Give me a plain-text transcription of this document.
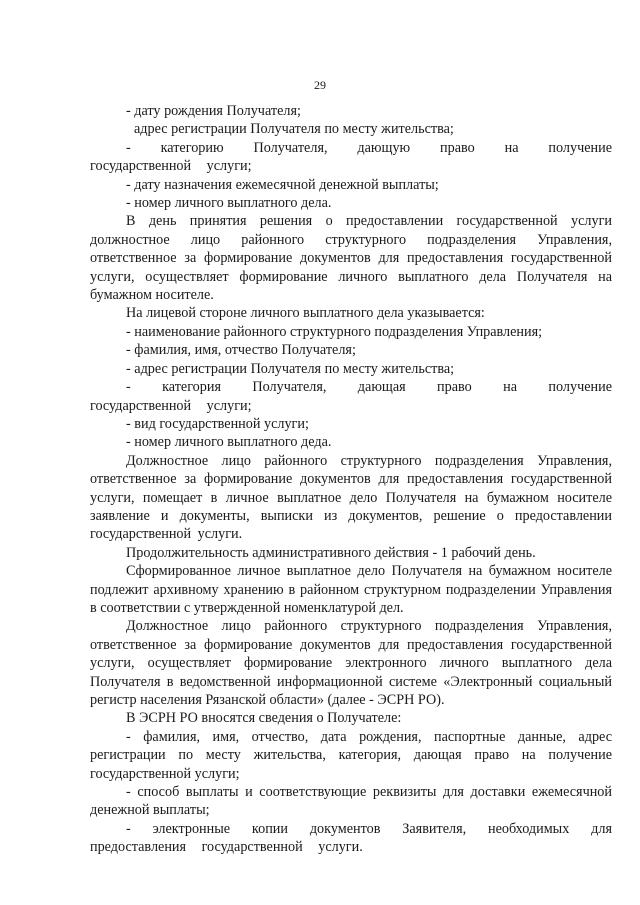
29

- дату рождения Получателя;

адрес регистрации Получателя по месту жительства;

- категорию Получателя, дающую право на получение государственной услуги;

- дату назначения ежемесячной денежной выплаты;

- номер личного выплатного дела.

В день принятия решения о предоставлении государственной услуги должностное лицо районного структурного подразделения Управления, ответственное за формирование документов для предоставления государственной услуги, осуществляет формирование личного выплатного дела Получателя на бумажном носителе.

На лицевой стороне личного выплатного дела указывается:

- наименование районного структурного подразделения Управления;

- фамилия, имя, отчество Получателя;

- адрес регистрации Получателя по месту жительства;

- категория Получателя, дающая право на получение государственной услуги;

- вид государственной услуги;

- номер личного выплатного деда.

Должностное лицо районного структурного подразделения Управления, ответственное за формирование документов для предоставления государственной услуги, помещает в личное выплатное дело Получателя на бумажном носителе заявление и документы, выписки из документов, решение о предоставлении государственной услуги.

Продолжительность административного действия - 1 рабочий день.

Сформированное личное выплатное дело Получателя на бумажном носителе подлежит архивному хранению в районном структурном подразделении Управления в соответствии с утвержденной номенклатурой дел.

Должностное лицо районного структурного подразделения Управления, ответственное за формирование документов для предоставления государственной услуги, осуществляет формирование электронного личного выплатного дела Получателя в ведомственной информационной системе «Электронный социальный регистр населения Рязанской области» (далее - ЭСРН РО).

В ЭСРН РО вносятся сведения о Получателе:

- фамилия, имя, отчество, дата рождения, паспортные данные, адрес регистрации по месту жительства, категория, дающая право на получение государственной услуги;

- способ выплаты и соответствующие реквизиты для доставки ежемесячной денежной выплаты;

- электронные копии документов Заявителя, необходимых для предоставления государственной услуги.
